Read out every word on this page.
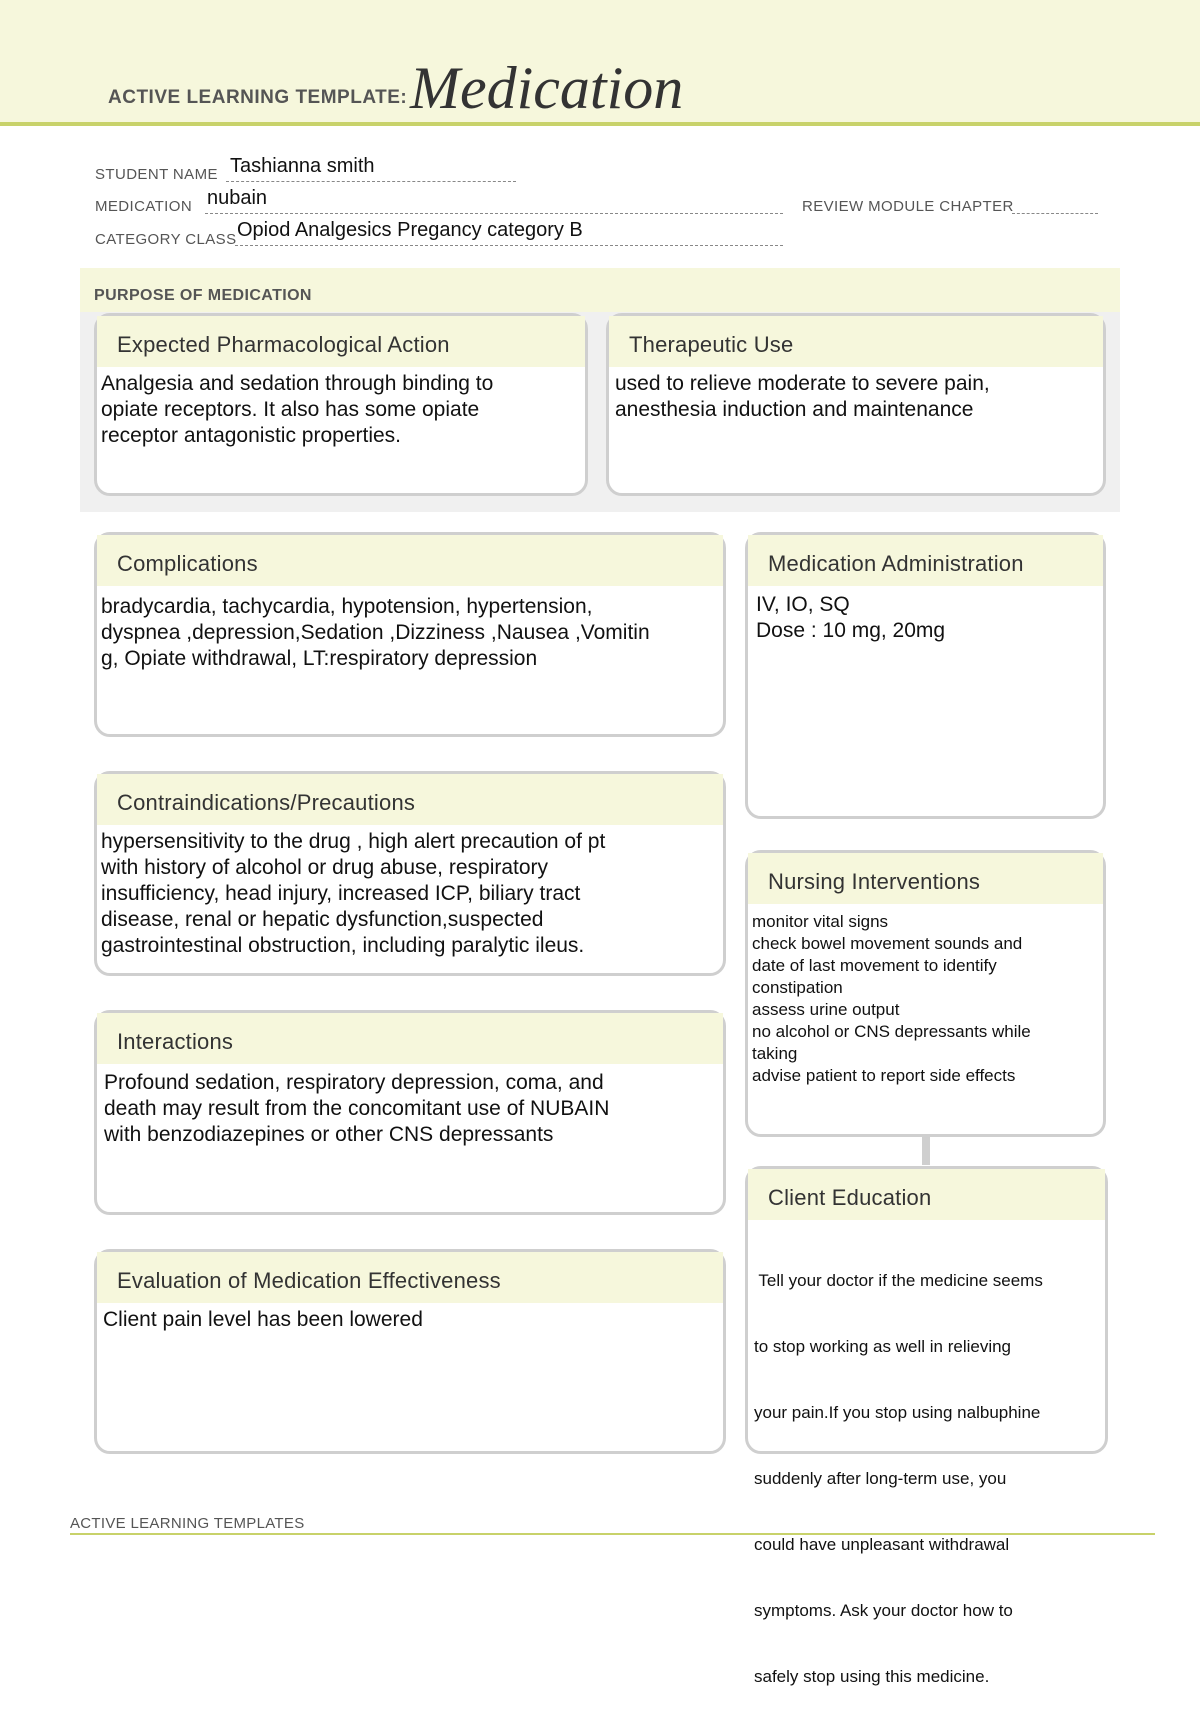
ACTIVE LEARNING TEMPLATE: Medication
STUDENT NAME Tashianna smith
MEDICATION nubain	REVIEW MODULE CHAPTER
CATEGORY CLASS Opiod Analgesics Pregancy category B
PURPOSE OF MEDICATION
Expected Pharmacological Action
Analgesia and sedation through binding to
opiate receptors. It also has some opiate
receptor antagonistic properties.
Therapeutic Use
used to relieve moderate to severe pain,
anesthesia induction and maintenance
Complications
bradycardia, tachycardia, hypotension, hypertension,
dyspnea ,depression,Sedation ,Dizziness ,Nausea ,Vomitin
g, Opiate withdrawal, LT:respiratory depression
Medication Administration
IV, IO, SQ
Dose : 10 mg, 20mg
Contraindications/Precautions
hypersensitivity to the drug , high alert precaution of pt
with history of alcohol or drug abuse, respiratory
insufficiency, head injury, increased ICP, biliary tract
disease, renal or hepatic dysfunction,suspected
gastrointestinal obstruction, including paralytic ileus.
Nursing Interventions
monitor vital signs
check bowel movement sounds and
date of last movement to identify
constipation
assess urine output
no alcohol or CNS depressants while
taking
advise patient to report side effects
Interactions
Profound sedation, respiratory depression, coma, and
death may result from the concomitant use of NUBAIN
with benzodiazepines or other CNS depressants
Client Education

Tell your doctor if the medicine seems

to stop working as well in relieving

your pain.If you stop using nalbuphine

suddenly after long-term use, you

could have unpleasant withdrawal

symptoms. Ask your doctor how to

safely stop using this medicine.

Evaluation of Medication Effectiveness
Client pain level has been lowered
ACTIVE LEARNING TEMPLATES
